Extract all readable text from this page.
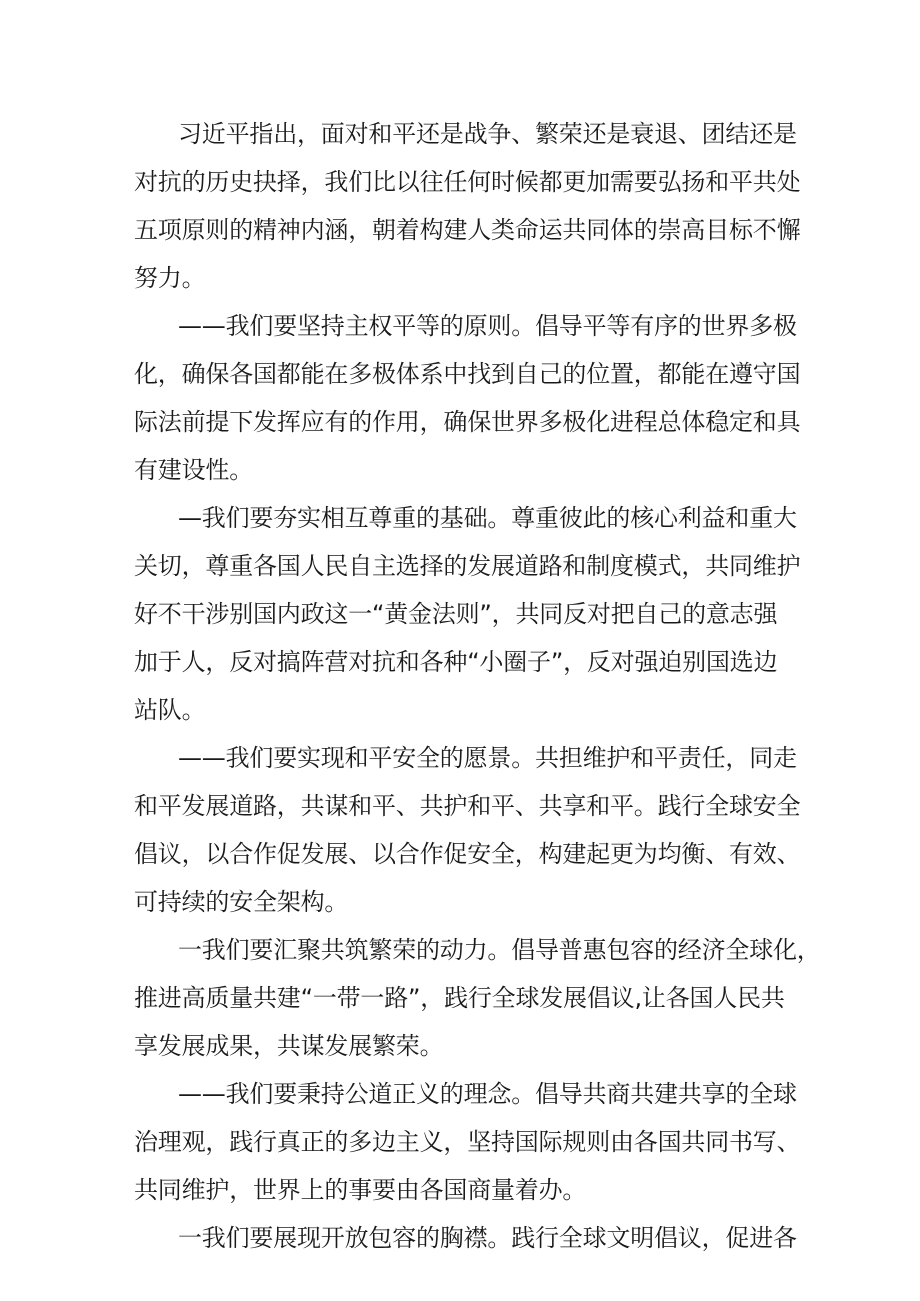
习近平指出，面对和平还是战争、繁荣还是衰退、团结还是
对抗的历史抉择，我们比以往任何时候都更加需要弘扬和平共处
五项原则的精神内涵，朝着构建人类命运共同体的崇高目标不懈
努力。
——我们要坚持主权平等的原则。倡导平等有序的世界多极
化，确保各国都能在多极体系中找到自己的位置，都能在遵守国
际法前提下发挥应有的作用，确保世界多极化进程总体稳定和具
有建设性。
—我们要夯实相互尊重的基础。尊重彼此的核心利益和重大
关切，尊重各国人民自主选择的发展道路和制度模式，共同维护
好不干涉别国内政这一“黄金法则”，共同反对把自己的意志强
加于人，反对搞阵营对抗和各种“小圈子”，反对强迫别国选边
站队。
——我们要实现和平安全的愿景。共担维护和平责任，同走
和平发展道路，共谋和平、共护和平、共享和平。践行全球安全
倡议，以合作促发展、以合作促安全，构建起更为均衡、有效、
可持续的安全架构。
一我们要汇聚共筑繁荣的动力。倡导普惠包容的经济全球化，
推进高质量共建“一带一路”，践行全球发展倡议,让各国人民共
享发展成果，共谋发展繁荣。
——我们要秉持公道正义的理念。倡导共商共建共享的全球
治理观，践行真正的多边主义，坚持国际规则由各国共同书写、
共同维护，世界上的事要由各国商量着办。
一我们要展现开放包容的胸襟。践行全球文明倡议，促进各
